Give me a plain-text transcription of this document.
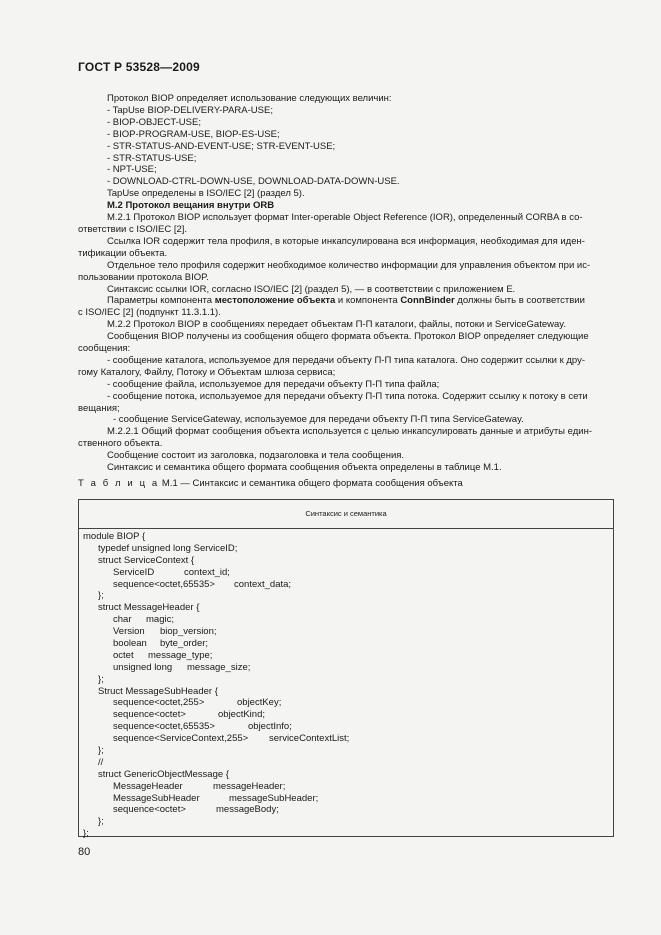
ГОСТ Р 53528—2009

Протокол BIOP определяет использование следующих величин:

- TapUse BIOP-DELIVERY-PARA-USE;

- BIOP-OBJECT-USE;

- BIOP-PROGRAM-USE, BIOP-ES-USE;

- STR-STATUS-AND-EVENT-USE; STR-EVENT-USE;

- STR-STATUS-USE;

- NPT-USE;

- DOWNLOAD-CTRL-DOWN-USE, DOWNLOAD-DATA-DOWN-USE.

TapUse определены в ISO/IEC [2] (раздел 5).

М.2 Протокол вещания внутри ORB

М.2.1 Протокол BIOP использует формат Inter-operable Object Reference (IOR), определенный CORBA в со-

ответствии с ISO/IEC [2].

Ссылка IOR содержит тела профиля, в которые инкапсулирована вся информация, необходимая для иден-

тификации объекта.

Отдельное тело профиля содержит необходимое количество информации для управления объектом при ис-

пользовании протокола BIOP.

Синтаксис ссылки IOR, согласно ISO/IEC [2] (раздел 5), — в соответствии с приложением Е.

Параметры компонента местоположение объекта и компонента ConnBinder должны быть в соответствии

с ISO/IEC [2] (подпункт 11.3.1.1).

М.2.2 Протокол BIOP в сообщениях передает объектам П-П каталоги, файлы, потоки и ServiceGateway.

Сообщения BIOP получены из сообщения общего формата объекта. Протокол BIOP определяет следующие

сообщения:

- сообщение каталога, используемое для передачи объекту П-П типа каталога. Оно содержит ссылки к дру-

гому Каталогу, Файлу, Потоку и Объектам шлюза сервиса;

- сообщение файла, используемое для передачи объекту П-П типа файла;

- сообщение потока, используемое для передачи объекту П-П типа потока. Содержит ссылку к потоку в сети

вещания;

- сообщение ServiceGateway, используемое для передачи объекту П-П типа ServiceGateway.

М.2.2.1 Общий формат сообщения объекта используется с целью инкапсулировать данные и атрибуты един-

ственного объекта.

Сообщение состоит из заголовка, подзаголовка и тела сообщения.

Синтаксис и семантика общего формата сообщения объекта определены в таблице М.1.

Т а б л и ц а М.1 — Синтаксис и семантика общего формата сообщения объекта
Синтаксис и семантика
module BIOP {
typedef unsigned long ServiceID;
struct ServiceContext {
ServiceID	context_id;
sequence<octet,65535> context_data;
};
struct MessageHeader {
char magic;
Version biop_version;
boolean byte_order;
octet message_type;
unsigned long message_size;
};
Struct MessageSubHeader {
sequence<octet,255>	objectKey;
sequence<octet>	objectKind;
sequence<octet,65535>	objectInfo;
sequence<ServiceContext,255> serviceContextList;
};
//
struct GenericObjectMessage {
MessageHeader	messageHeader;
MessageSubHeader	messageSubHeader;
sequence<octet>	messageBody;
};
};
80
